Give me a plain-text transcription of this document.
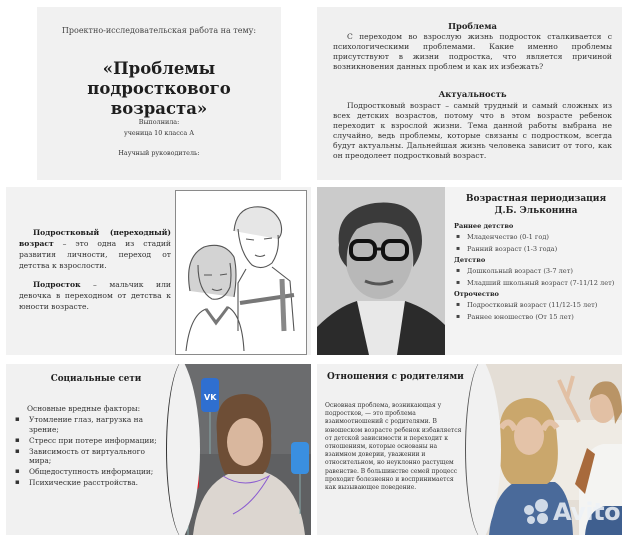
Проектно-исследовательская работа на тему:
«Проблемы
подросткового возраста»
Выполнила:
ученица 10 класса А
Научный руководитель:
Проблема
С переходом во взрослую жизнь подросток сталкивается с психологическими проблемами. Какие именно проблемы присутствуют в жизни подростка, что является причиной возникновения данных проблем и как их избежать?
Актуальность
Подростковый возраст – самый трудный и самый сложных из всех детских возрастов, потому что в этом возрасте ребенок переходит к взрослой жизни. Тема данной работы выбрана не случайно, ведь проблемы, которые связаны с подростком, всегда будут актуальны. Дальнейшая жизнь человека зависит от того, как он преодолеет подростковый возраст.

Подростковый (переходный) возраст – это одна из стадий развития личности, переход от детства к взрослости.

Подросток – мальчик или девочка в переходном от детства к юности возрасте.

Возрастная периодизация Д.Б. Эльконина
Раннее детство
▪ Младенчество (0-1 год)
▪ Ранний возраст (1-3 года)
Детство
▪ Дошкольный возраст (3-7 лет)
▪ Младший школьный возраст (7-11/12 лет)
Отрочество
▪ Подростковый возраст (11/12-15 лет)
▪ Раннее юношество (От 15 лет)
VK
Социальные сети
Основные вредные факторы:
▪ Утомление глаз, нагрузка на зрение;
▪ Стресс при потере информации;
▪ Зависимость от виртуального мира;
▪ Общедоступность информации;
▪ Психические расстройства.
Отношения с родителями
Основная проблема, возникающая у подростков, — это проблема взаимоотношений с родителями. В юношеском возрасте ребенок избавляется от детской зависимости и переходит к отношениям, которые основаны на взаимном доверии, уважении и относительном, но неуклонно растущем равенстве. В большинстве семей процесс проходит болезненно и воспринимается как вызывающее поведение.
Avito
